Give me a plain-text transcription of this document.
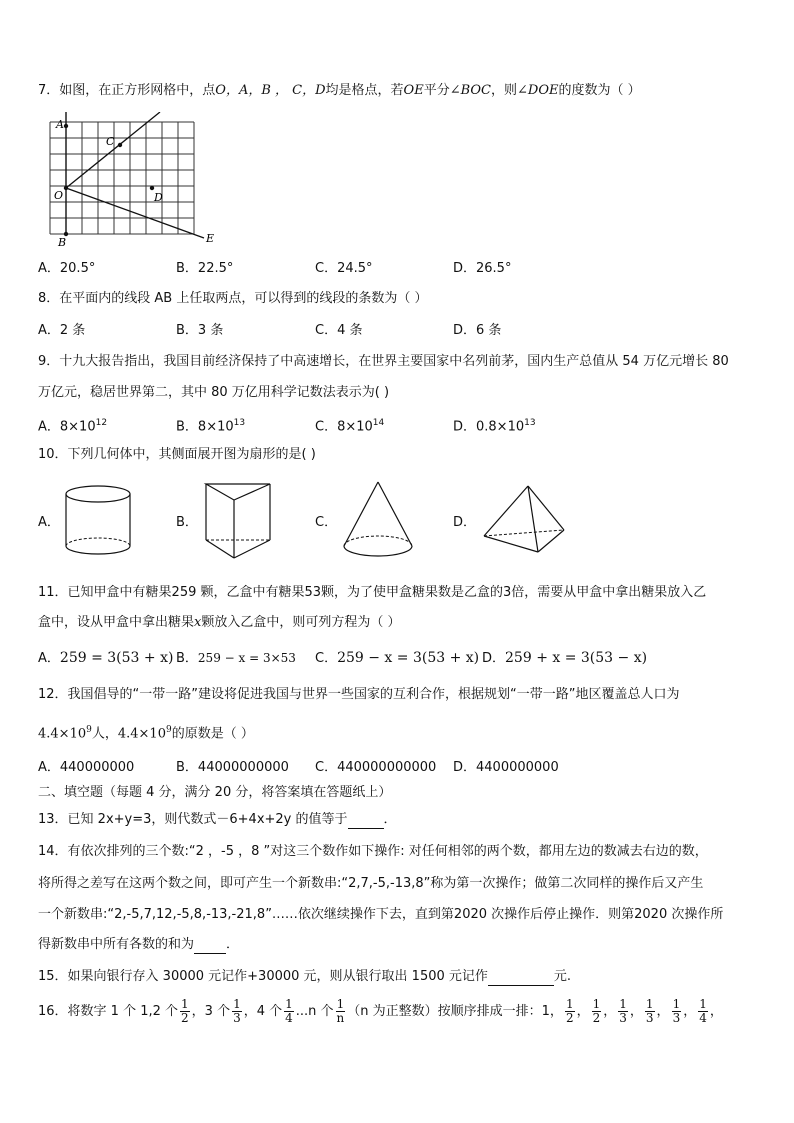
7．如图，在正方形网格中，点O，A，B ， C，D均是格点，若OE平分∠BOC，则∠DOE的度数为（ ）
A
O
B
C
D
E
A．20.5°	B．22.5°	C．24.5°	D．26.5°
8．在平面内的线段 AB 上任取两点，可以得到的线段的条数为（ ）
A．2 条	B．3 条	C．4 条	D．6 条
9．十九大报告指出，我国目前经济保持了中高速增长，在世界主要国家中名列前茅，国内生产总值从 54 万亿元增长 80
万亿元，稳居世界第二，其中 80 万亿用科学记数法表示为( )
A．$8\times 10^{12}$	B．$8\times 10^{13}$	C．$8\times 10^{14}$	D．$0.8\times 10^{13}$
10．下列几何体中，其侧面展开图为扇形的是( )
A．	B．	C．	D．
11．已知甲盒中有糖果259 颗，乙盒中有糖果53颗，为了使甲盒糖果数是乙盒的3倍，需要从甲盒中拿出糖果放入乙
盒中，设从甲盒中拿出糖果x颗放入乙盒中，则可列方程为（ ）
A．259 = 3(53 + x) B．259 − x = 3×53 C．259 − x = 3(53 + x) D．259 + x = 3(53 − x)
12．我国倡导的“一带一路”建设将促进我国与世界一些国家的互利合作，根据规划“一带一路”地区覆盖总人口为
$4.4\times 10^9$人，$4.4\times 10^9$的原数是（ ）
A．440000000	B．44000000000 C．440000000000 D．4400000000
二、填空题（每题 4 分，满分 20 分，将答案填在答题纸上）
13．已知 2x+y=3，则代数式－6+4x+2y 的值等于	．
14．有依次排列的三个数:“2 ，-5 ，8 ”对这三个数作如下操作: 对任何相邻的两个数，都用左边的数减去右边的数，
将所得之差写在这两个数之间，即可产生一个新数串:“2,7,-5,-13,8”称为第一次操作；做第二次同样的操作后又产生
一个新数串:“2,-5,7,12,-5,8,-13,-21,8”……依次继续操作下去，直到第2020 次操作后停止操作．则第2020 次操作所
得新数串中所有各数的和为 ．
15．如果向银行存入 30000 元记作+30000 元，则从银行取出 1500 元记作	元.
16．将数字 1 个 1,2 个 $\frac{1}{2}$ ，3 个 $\frac{1}{3}$ ，4 个 $\frac{1}{4} ...n$ 个 $\frac{1}{n} (n$ 为正整数）按顺序排成一排：1， $\frac{1}{2}$ ， $\frac{1}{2}$ ， $\frac{1}{3}$ ， $\frac{1}{3}$ ， $\frac{1}{3}$ ， $\frac{1}{4}$ ，
